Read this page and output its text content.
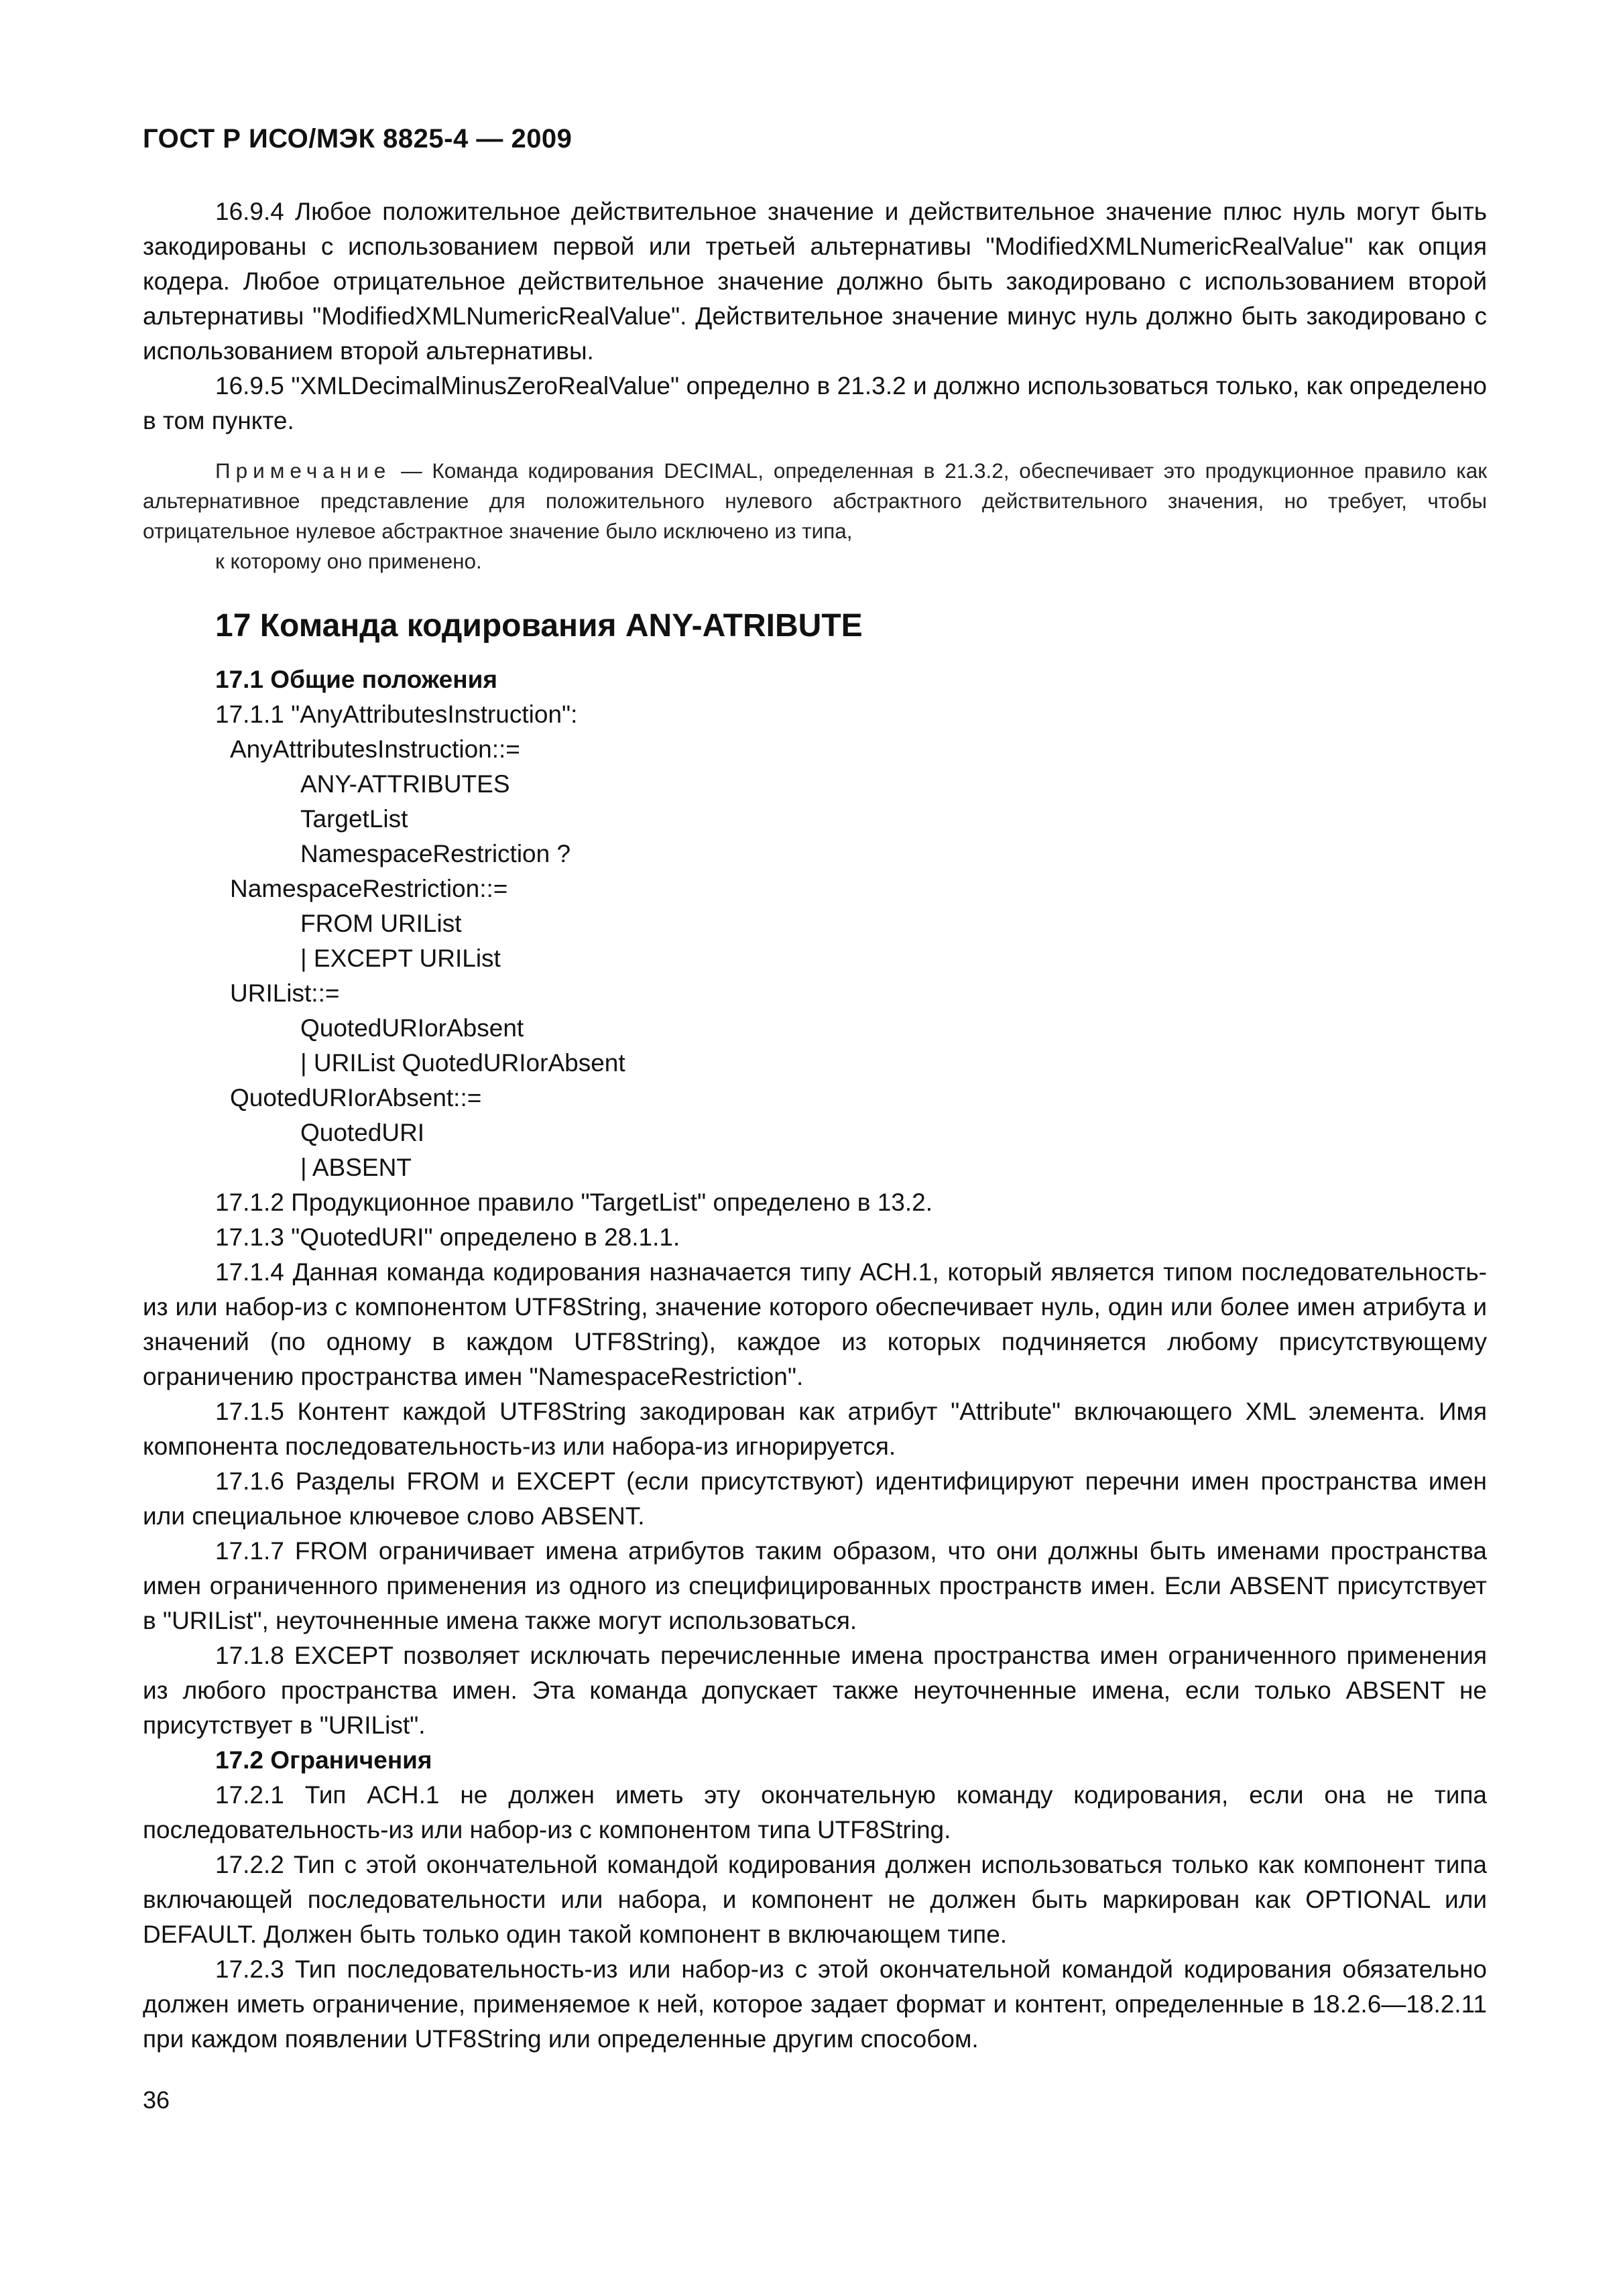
ГОСТ Р ИСО/МЭК 8825-4 — 2009

16.9.4 Любое положительное действительное значение и действительное значение плюс нуль могут быть закодированы с использованием первой или третьей альтернативы "ModifiedXMLNumericRealValue" как опция кодера. Любое отрицательное действительное значение должно быть закодировано с использованием второй альтернативы "ModifiedXMLNumericRealValue". Действительное значение минус нуль должно быть закодировано с использованием второй альтернативы.

16.9.5 "XMLDecimalMinusZeroRealValue" определно в 21.3.2 и должно использоваться только, как определено в том пункте.

Примечание — Команда кодирования DECIMAL, определенная в 21.3.2, обеспечивает это продукционное правило как альтернативное представление для положительного нулевого абстрактного действительного значения, но требует, чтобы отрицательное нулевое абстрактное значение было исключено из типа,
к которому оно применено.
17 Команда кодирования ANY-ATRIBUTE
17.1 Общие положения

17.1.1 "AnyAttributesInstruction":

AnyAttributesInstruction::=
ANY-ATTRIBUTES
TargetList
NamespaceRestriction ?
NamespaceRestriction::=
FROM URIList
| EXCEPT URIList
URIList::=
QuotedURIorAbsent
| URIList QuotedURIorAbsent
QuotedURIorAbsent::=
QuotedURI
| ABSENT

17.1.2 Продукционное правило "TargetList" определено в 13.2.

17.1.3 "QuotedURI" определено в 28.1.1.

17.1.4 Данная команда кодирования назначается типу АСН.1, который является типом последовательность-из или набор-из с компонентом UTF8String, значение которого обеспечивает нуль, один или более имен атрибута и значений (по одному в каждом UTF8String), каждое из которых подчиняется любому присутствующему ограничению пространства имен "NamespaceRestriction".

17.1.5 Контент каждой UTF8String закодирован как атрибут "Attribute" включающего XML элемента. Имя компонента последовательность-из или набора-из игнорируется.

17.1.6 Разделы FROM и EXCEPT (если присутствуют) идентифицируют перечни имен пространства имен или специальное ключевое слово ABSENT.

17.1.7 FROM ограничивает имена атрибутов таким образом, что они должны быть именами пространства имен ограниченного применения из одного из специфицированных пространств имен. Если ABSENT присутствует в "URIList", неуточненные имена также могут использоваться.

17.1.8 EXCEPT позволяет исключать перечисленные имена пространства имен ограниченного применения из любого пространства имен. Эта команда допускает также неуточненные имена, если только ABSENT не присутствует в "URIList".

17.2 Ограничения

17.2.1 Тип АСН.1 не должен иметь эту окончательную команду кодирования, если она не типа последовательность-из или набор-из с компонентом типа UTF8String.

17.2.2 Тип с этой окончательной командой кодирования должен использоваться только как компонент типа включающей последовательности или набора, и компонент не должен быть маркирован как OPTIONAL или DEFAULT. Должен быть только один такой компонент в включающем типе.

17.2.3 Тип последовательность-из или набор-из с этой окончательной командой кодирования обязательно должен иметь ограничение, применяемое к ней, которое задает формат и контент, определенные в 18.2.6—18.2.11 при каждом появлении UTF8String или определенные другим способом.

36
